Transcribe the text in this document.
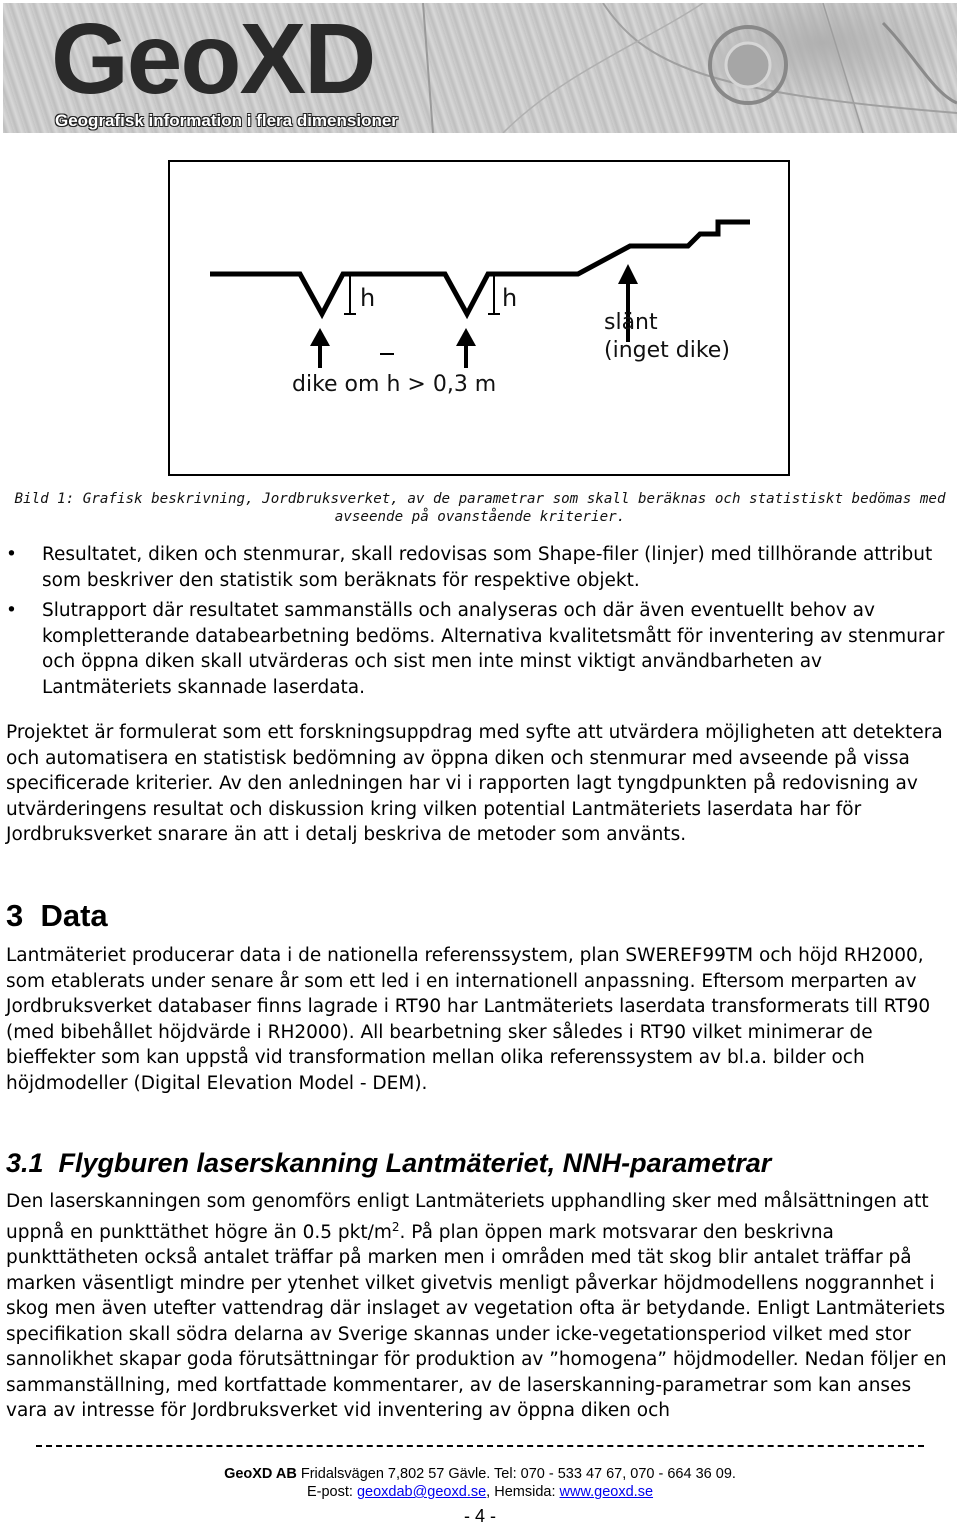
GeoXD
Geografisk information i flera dimensioner
h	h
slänt
(inget dike)
dike om h > 0,3 m
Bild 1: Grafisk beskrivning, Jordbruksverket, av de parametrar som skall beräknas och statistiskt bedömas med
avseende på ovanstående kriterier.
• Resultatet, diken och stenmurar, skall redovisas som Shape-filer (linjer) med tillhörande attribut som beskriver den statistik som beräknats för respektive objekt.
• Slutrapport där resultatet sammanställs och analyseras och där även eventuellt behov av kompletterande databearbetning bedöms. Alternativa kvalitetsmått för inventering av stenmurar och öppna diken skall utvärderas och sist men inte minst viktigt användbarheten av Lantmäteriets skannade laserdata.

Projektet är formulerat som ett forskningsuppdrag med syfte att utvärdera möjligheten att detektera och automatisera en statistisk bedömning av öppna diken och stenmurar med avseende på vissa specificerade kriterier. Av den anledningen har vi i rapporten lagt tyngdpunkten på redovisning av utvärderingens resultat och diskussion kring vilken potential Lantmäteriets laserdata har för Jordbruksverket snarare än att i detalj beskriva de metoder som använts.

3  Data

Lantmäteriet producerar data i de nationella referenssystem, plan SWEREF99TM och höjd RH2000, som etablerats under senare år som ett led i en internationell anpassning. Eftersom merparten av Jordbruksverket databaser finns lagrade i RT90 har Lantmäteriets laserdata transformerats till RT90 (med bibehållet höjdvärde i RH2000). All bearbetning sker således i RT90 vilket minimerar de bieffekter som kan uppstå vid transformation mellan olika referenssystem av bl.a. bilder och höjdmodeller (Digital Elevation Model - DEM).

3.1  Flygburen laserskanning Lantmäteriet, NNH-parametrar

Den laserskanningen som genomförs enligt Lantmäteriets upphandling sker med målsättningen att uppnå en punkttäthet högre än 0.5 pkt/$m^2$. På plan öppen mark motsvarar den beskrivna punkttätheten också antalet träffar på marken men i områden med tät skog blir antalet träffar på marken väsentligt mindre per ytenhet vilket givetvis menligt påverkar höjdmodellens noggrannhet i skog men även utefter vattendrag där inslaget av vegetation ofta är betydande. Enligt Lantmäteriets specifikation skall södra delarna av Sverige skannas under icke-vegetationsperiod vilket med stor sannolikhet skapar goda förutsättningar för produktion av ”homogena” höjdmodeller. Nedan följer en sammanställning, med kortfattade kommentarer, av de laserskanning-parametrar som kan anses vara av intresse för Jordbruksverket vid inventering av öppna diken och

GeoXD AB Fridalsvägen 7,802 57 Gävle. Tel: 070 - 533 47 67, 070 - 664 36 09.
E-post: geoxdab@geoxd.se, Hemsida: www.geoxd.se
- 4 -
